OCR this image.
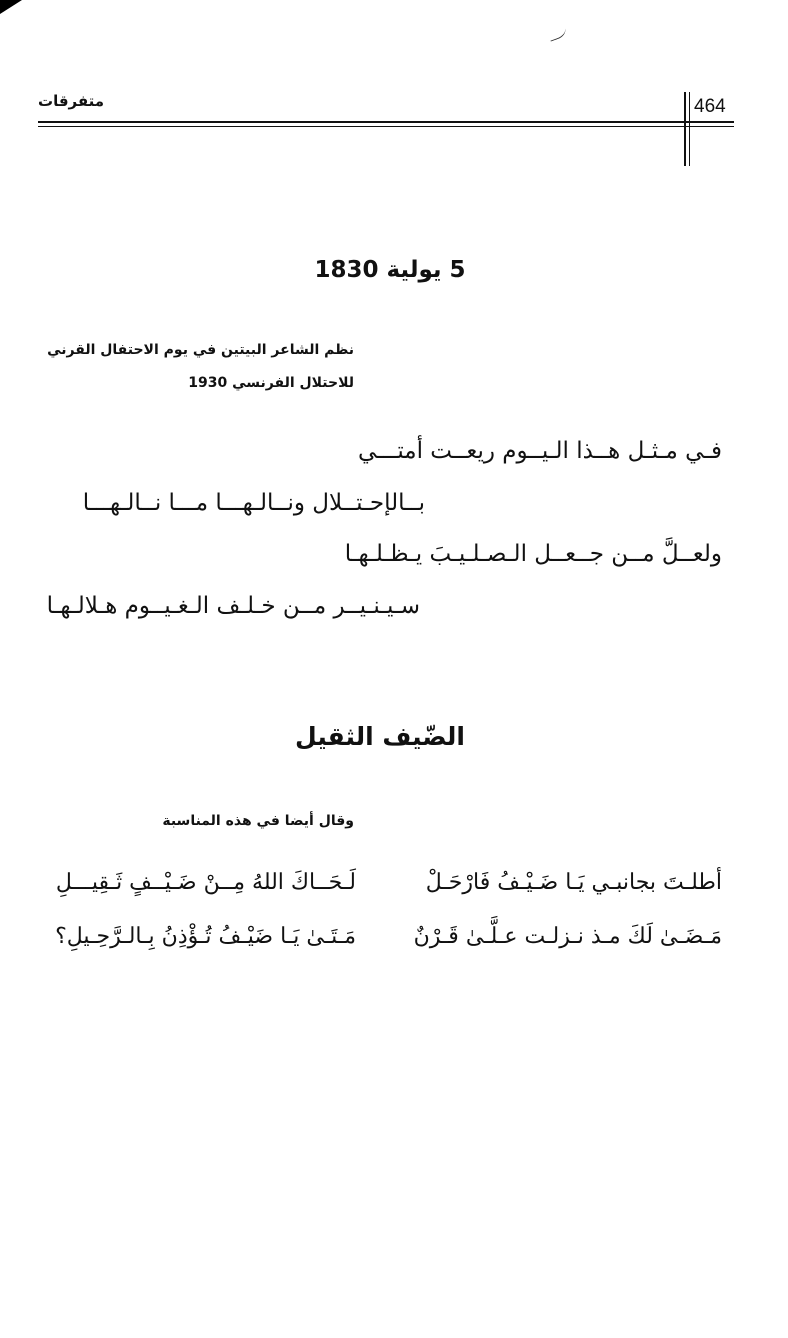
متفرقات	464
5 يولية 1830
نظم الشاعر البيتين في يوم الاحتفال القرني
للاحتلال الفرنسي 1930
فـي مـثـل هــذا الـيــوم ريعــت أمتـــي
بــالإحـتــلال ونــالـهـــا مـــا نــالـهـــا
ولعــلَّ مــن جــعــل الـصـلـيـبَ يـظـلـهـا
سـيـنـيــر مــن خـلـف الـغـيــوم هـلالـهـا
الضّيف الثقيل
وقال أيضا في هذه المناسبة
أطلـتَ بجانبـي يَـا ضَـيْـفُ فَارْحَـلْ
لَـحَــاكَ اللهُ مِــنْ ضَـيْــفٍ ثَـقِيـــلِ
مَـضَـىٰ لَكَ مـذ نـزلـت عـلَّـىٰ قَـرْنٌ
مَـتَـىٰ يَـا ضَيْـفُ تُـؤْذِنُ بِـالـرَّحِـيلِ؟
